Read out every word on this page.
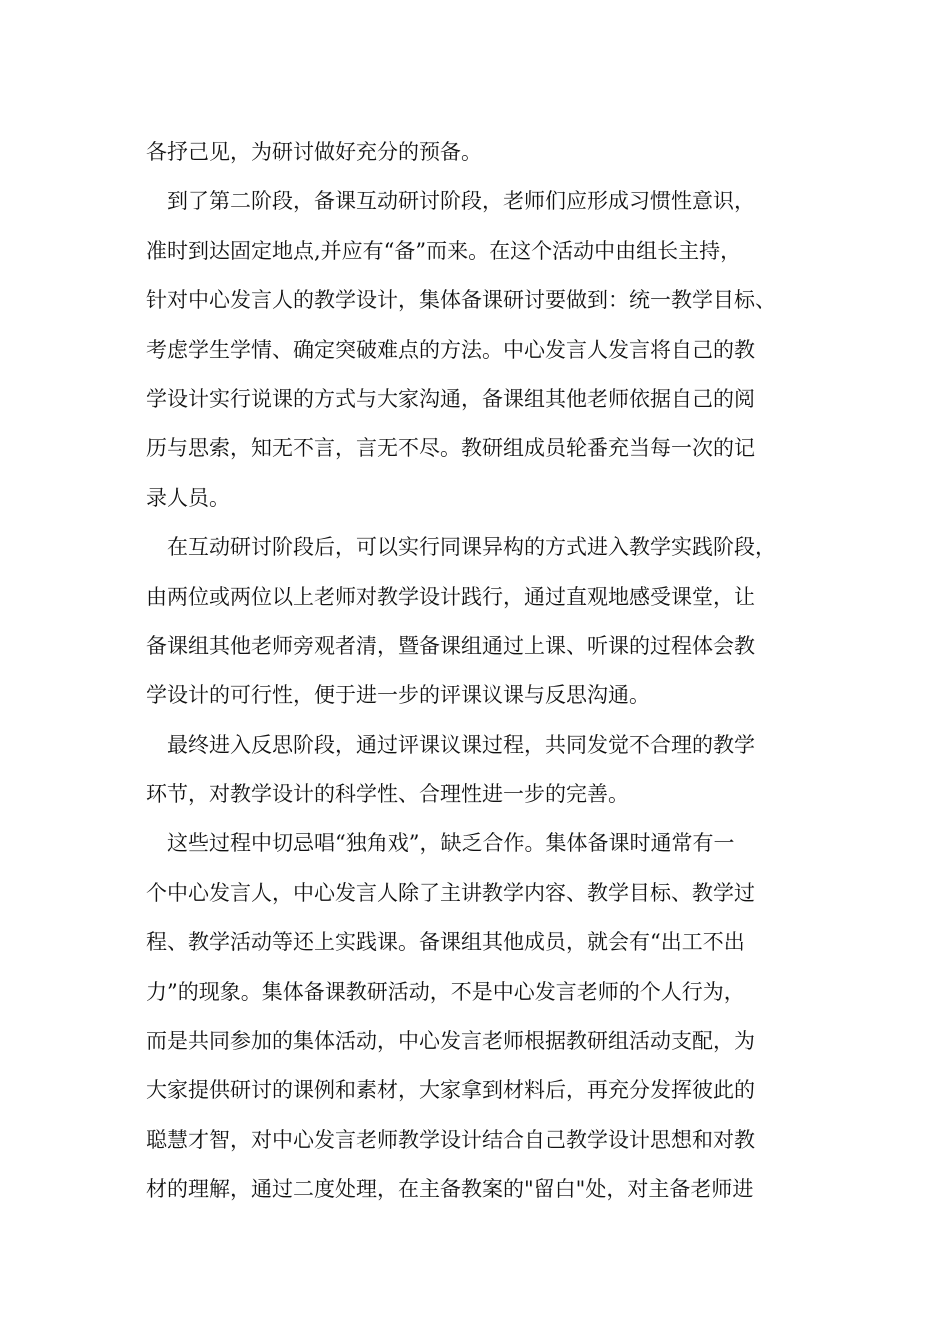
各抒己见，为研讨做好充分的预备。
到了第二阶段，备课互动研讨阶段，老师们应形成习惯性意识，
准时到达固定地点,并应有“备”而来。在这个活动中由组长主持，
针对中心发言人的教学设计，集体备课研讨要做到：统一教学目标、
考虑学生学情、确定突破难点的方法。中心发言人发言将自己的教
学设计实行说课的方式与大家沟通，备课组其他老师依据自己的阅
历与思索，知无不言，言无不尽。教研组成员轮番充当每一次的记
录人员。
在互动研讨阶段后，可以实行同课异构的方式进入教学实践阶段，
由两位或两位以上老师对教学设计践行，通过直观地感受课堂，让
备课组其他老师旁观者清，暨备课组通过上课、听课的过程体会教
学设计的可行性，便于进一步的评课议课与反思沟通。
最终进入反思阶段，通过评课议课过程，共同发觉不合理的教学
环节，对教学设计的科学性、合理性进一步的完善。
这些过程中切忌唱“独角戏”，缺乏合作。集体备课时通常有一
个中心发言人，中心发言人除了主讲教学内容、教学目标、教学过
程、教学活动等还上实践课。备课组其他成员，就会有“出工不出
力”的现象。集体备课教研活动，不是中心发言老师的个人行为，
而是共同参加的集体活动，中心发言老师根据教研组活动支配，为
大家提供研讨的课例和素材，大家拿到材料后，再充分发挥彼此的
聪慧才智，对中心发言老师教学设计结合自己教学设计思想和对教
材的理解，通过二度处理，在主备教案的"留白"处，对主备老师进
